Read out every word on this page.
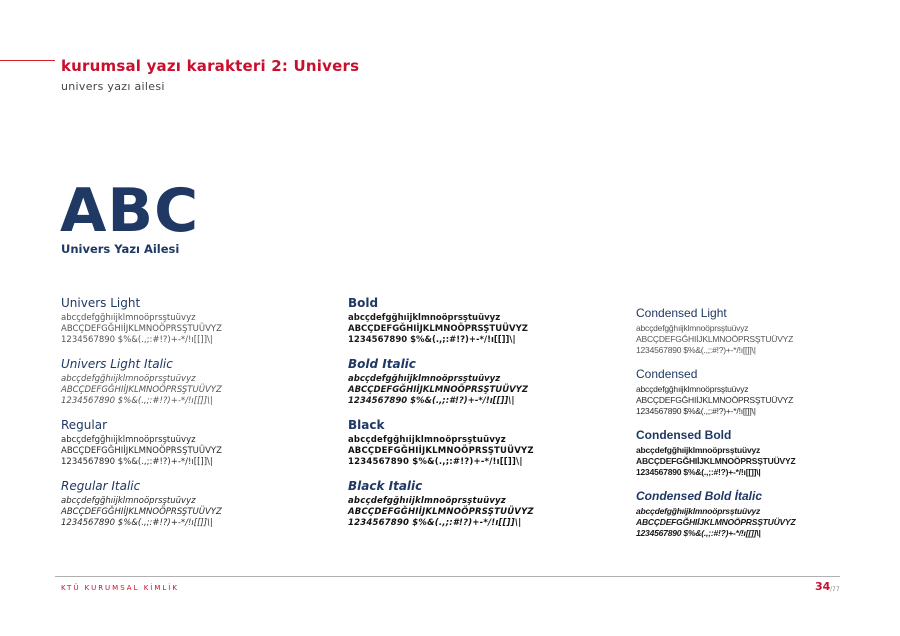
kurumsal yazı karakteri 2: Univers
univers yazı ailesi
ABC
Univers Yazı Ailesi
Univers Light
abcçdefgğhıijklmnoöprsştuüvyz
ABCÇDEFGĞHIİJKLMNOÖPRSŞTUÜVYZ
1234567890 $%&(.,;:#!?)+-*/!ı[[]]\|
Univers Light Italic
abcçdefgğhıijklmnoöprsştuüvyz
ABCÇDEFGĞHIİJKLMNOÖPRSŞTUÜVYZ
1234567890 $%&(.,;:#!?)+-*/!ı[[]]\|
Regular
abcçdefgğhıijklmnoöprsştuüvyz
ABCÇDEFGĞHIİJKLMNOÖPRSŞTUÜVYZ
1234567890 $%&(.,;:#!?)+-*/!ı[[]]\|
Regular Italic
abcçdefgğhıijklmnoöprsştuüvyz
ABCÇDEFGĞHIİJKLMNOÖPRSŞTUÜVYZ
1234567890 $%&(.,;:#!?)+-*/!ı[[]]\|
Bold
abcçdefgğhıijklmnoöprsştuüvyz
ABCÇDEFGĞHIİJKLMNOÖPRSŞTUÜVYZ
1234567890 $%&(.,;:#!?)+-*/!ı[[]]\|
Bold Italic
abcçdefgğhıijklmnoöprsştuüvyz
ABCÇDEFGĞHIİJKLMNOÖPRSŞTUÜVYZ
1234567890 $%&(.,;:#!?)+-*/!ı[[]]\|
Black
abcçdefgğhıijklmnoöprsştuüvyz
ABCÇDEFGĞHIİJKLMNOÖPRSŞTUÜVYZ
1234567890 $%&(.,;:#!?)+-*/!ı[[]]\|
Black Italic
abcçdefgğhıijklmnoöprsştuüvyz
ABCÇDEFGĞHIİJKLMNOÖPRSŞTUÜVYZ
1234567890 $%&(.,;:#!?)+-*/!ı[[]]\|
Condensed Light
abcçdefgğhıijklmnoöprsştuüvyz
ABCÇDEFGĞHIİJKLMNOÖPRSŞTUÜVYZ
1234567890 $%&(.,;:#!?)+-*/!ı[[]]\|
Condensed
abcçdefgğhıijklmnoöprsştuüvyz
ABCÇDEFGĞHIİJKLMNOÖPRSŞTUÜVYZ
1234567890 $%&(.,;:#!?)+-*/!ı[[]]\|
Condensed Bold
abcçdefgğhıijklmnoöprsştuüvyz
ABCÇDEFGĞHIİJKLMNOÖPRSŞTUÜVYZ
1234567890 $%&(.,;:#!?)+-*/!ı[[]]\|
Condensed Bold İtalic
abcçdefgğhıijklmnoöprsştuüvyz
ABCÇDEFGĞHIİJKLMNOÖPRSŞTUÜVYZ
1234567890 $%&(.,;:#!?)+-*/!ı[[]]\|
KTÜ KURUMSAL KİMLİK	34 /77
